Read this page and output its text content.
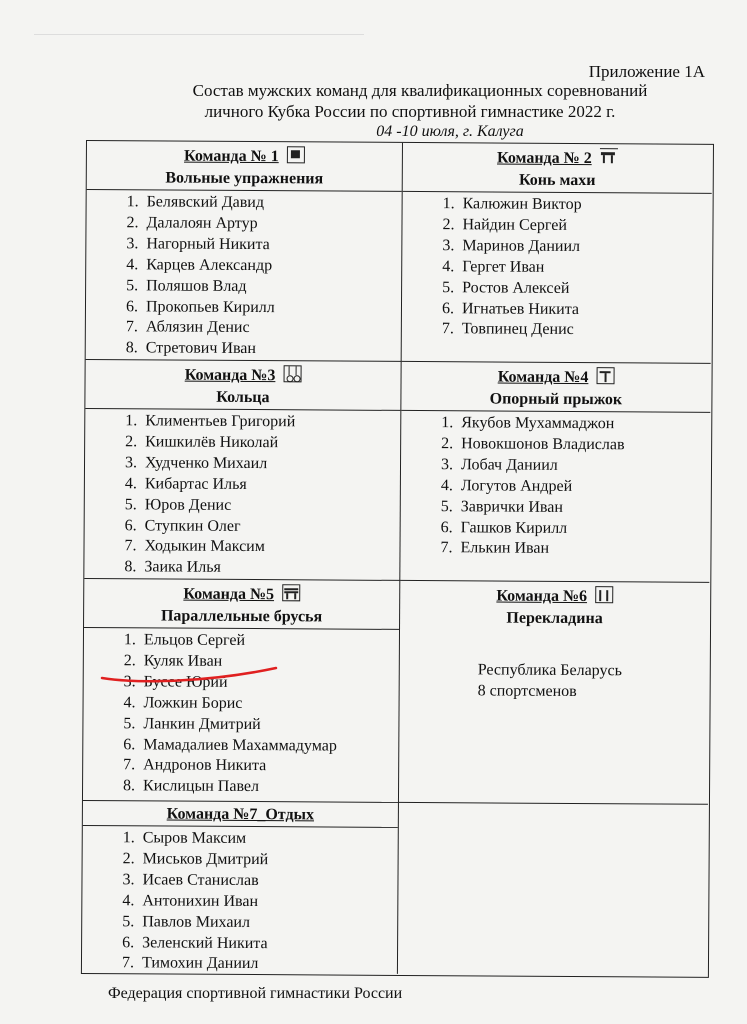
Приложение 1А
Состав мужских команд для квалификационных соревнований
личного Кубка России по спортивной гимнастике 2022 г.
04 -10 июля, г. Калуга
Команда № 1
Вольные упражнения
1. Белявский Давид
2. Далалоян Артур
3. Нагорный Никита
4. Карцев Александр
5. Поляшов Влад
6. Прокопьев Кирилл
7. Аблязин Денис
8. Стретович Иван
Команда № 2
Конь махи
1. Калюжин Виктор
2. Найдин Сергей
3. Маринов Даниил
4. Гергет Иван
5. Ростов Алексей
6. Игнатьев Никита
7. Товпинец Денис
Команда №3
Кольца
1. Климентьев Григорий
2. Кишкилёв Николай
3. Худченко Михаил
4. Кибартас Илья
5. Юров Денис
6. Ступкин Олег
7. Ходыкин Максим
8. Заика Илья
Команда №4
Опорный прыжок
1. Якубов Мухаммаджон
2. Новокшонов Владислав
3. Лобач Даниил
4. Логутов Андрей
5. Заврички Иван
6. Гашков Кирилл
7. Елькин Иван
Команда №5
Параллельные брусья
1. Ельцов Сергей
2. Куляк Иван
3. Буссе Юрий
4. Ложкин Борис
5. Ланкин Дмитрий
6. Мамадалиев Махаммадумар
7. Андронов Никита
8. Кислицын Павел
Команда №6
Перекладина
Республика Беларусь
8 спортсменов
Команда №7_Отдых
1. Сыров Максим
2. Миськов Дмитрий
3. Исаев Станислав
4. Антонихин Иван
5. Павлов Михаил
6. Зеленский Никита
7. Тимохин Даниил
Федерация спортивной гимнастики России
